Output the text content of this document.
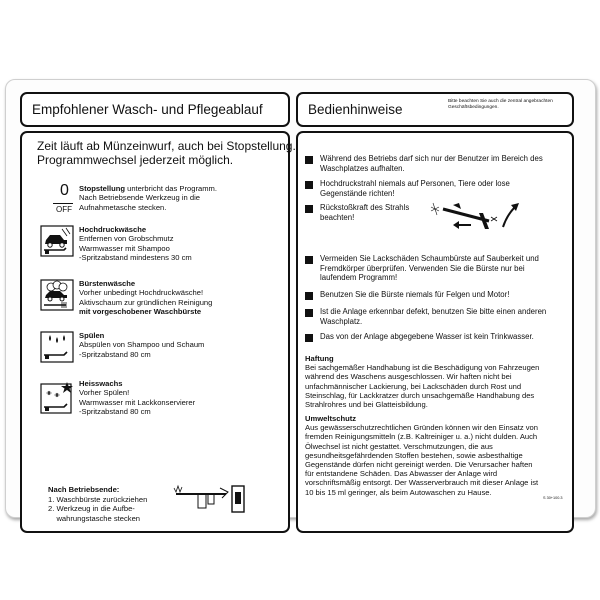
Empfohlener Wasch- und Pflegeablauf	Bedienhinweise
Bitte beachten Sie auch die zentral angebrachten Geschäftsbedingungen.
Zeit läuft ab Münzeinwurf, auch bei Stopstellung.
Programmwechsel jederzeit möglich.
0
OFF
Stopstellung unterbricht das Programm.
Nach Betriebsende Werkzeug in die
Aufnahmetasche stecken.
Hochdruckwäsche
Entfernen von Grobschmutz
Warmwasser mit Shampoo
-Spritzabstand mindestens 30 cm
Bürstenwäsche
Vorher unbedingt Hochdruckwäsche!
Aktivschaum zur gründlichen Reinigung
mit vorgeschobener Waschbürste
Spülen
Abspülen von Shampoo und Schaum
-Spritzabstand 80 cm
Heisswachs
Vorher Spülen!
Warmwasser mit Lackkonservierer
-Spritzabstand 80 cm
Nach Betriebsende:
1. Waschbürste zurückziehen
2. Werkzeug in die Aufbe-
wahrungstasche stecken
Während des Betriebs darf sich nur der Benutzer im Bereich des
Waschplatzes aufhalten.
Hochdruckstrahl niemals auf Personen, Tiere oder lose
Gegenstände richten!
Rückstoßkraft des Strahls
beachten!
Vermeiden Sie Lackschäden Schaumbürste auf Sauberkeit und
Fremdkörper überprüfen. Verwenden Sie die Bürste nur bei
laufendem Programm!
Benutzen Sie die Bürste niemals für Felgen und Motor!
Ist die Anlage erkennbar defekt, benutzen Sie bitte einen anderen
Waschplatz.
Das von der Anlage abgegebene Wasser ist kein Trinkwasser.
Haftung
Bei sachgemäßer Handhabung ist die Beschädigung von Fahrzeugen
während des Waschens ausgeschlossen. Wir haften nicht bei
unfachmännischer Lackierung, bei Lackschäden durch Rost und
Steinschlag, für Lackkratzer durch unsachgemäße Handhabung des
Strahlrohres und bei Glatteisbildung.
Umweltschutz
Aus gewässerschutzrechtlichen Gründen können wir den Einsatz von
fremden Reinigungsmitteln (z.B. Kaltreiniger u. a.) nicht dulden. Auch
Ölwechsel ist nicht gestattet. Verschmutzungen, die aus
gesundheitsgefährdenden Stoffen bestehen, sowie asbesthaltige
Gegenstände dürfen nicht gereinigt werden. Die Verursacher haften
für entstandene Schäden. Das Abwasser der Anlage wird
vorschriftsmäßig entsorgt. Der Wasserverbrauch mit dieser Anlage ist
10 bis 15 ml geringer, als beim Autowaschen zu Hause.
S 30+100.3
